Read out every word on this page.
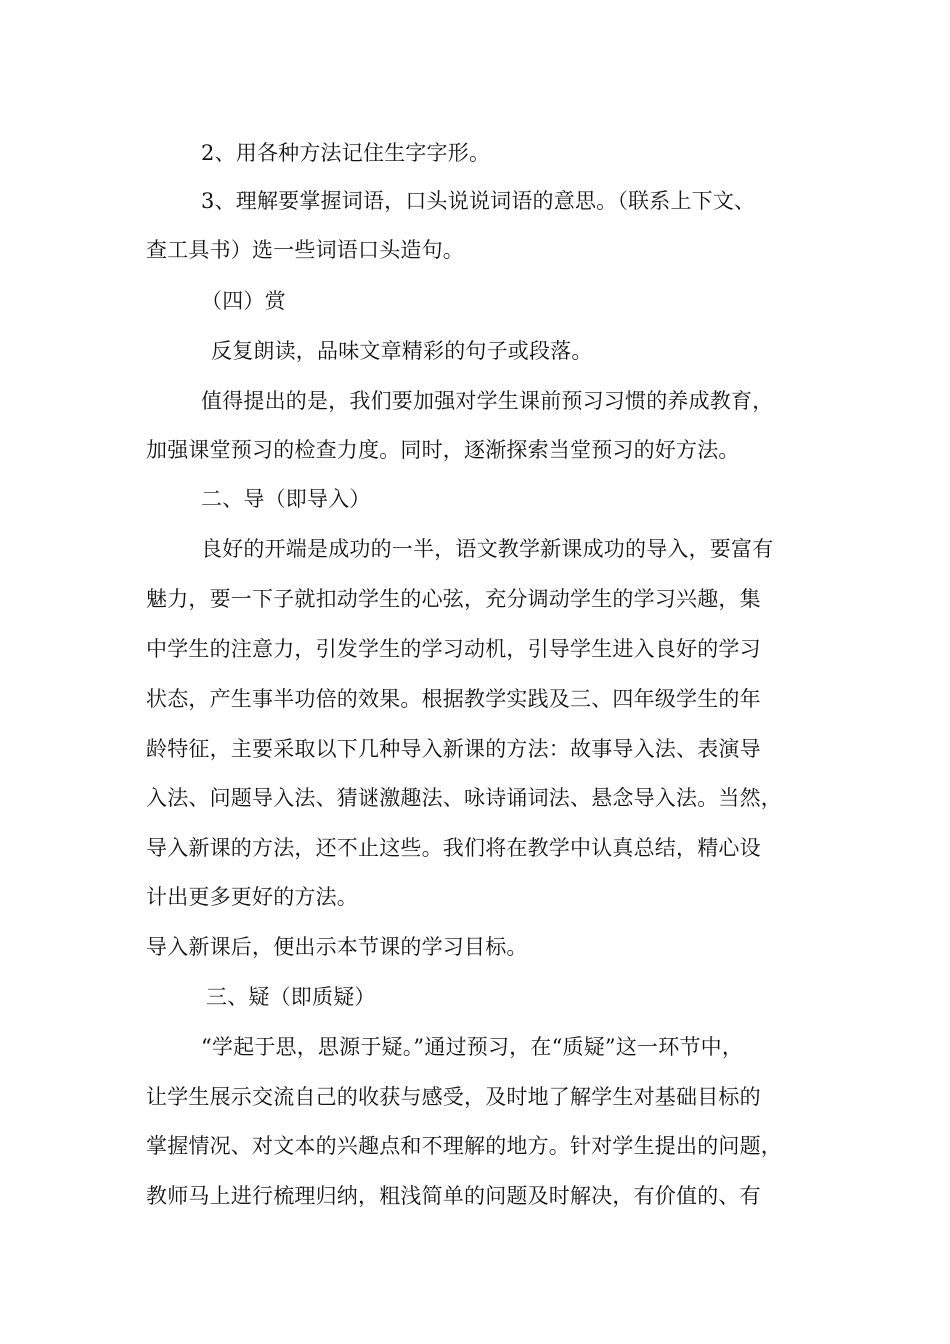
2、用各种方法记住生字字形。

3、理解要掌握词语，口头说说词语的意思。（联系上下文、

查工具书）选一些词语口头造句。

（四）赏

反复朗读，品味文章精彩的句子或段落。

值得提出的是，我们要加强对学生课前预习习惯的养成教育，

加强课堂预习的检查力度。同时，逐渐探索当堂预习的好方法。

二、导（即导入）

良好的开端是成功的一半，语文教学新课成功的导入，要富有

魅力，要一下子就扣动学生的心弦，充分调动学生的学习兴趣，集

中学生的注意力，引发学生的学习动机，引导学生进入良好的学习

状态，产生事半功倍的效果。根据教学实践及三、四年级学生的年

龄特征，主要采取以下几种导入新课的方法：故事导入法、表演导

入法、问题导入法、猜谜激趣法、咏诗诵词法、悬念导入法。当然，

导入新课的方法，还不止这些。我们将在教学中认真总结，精心设

计出更多更好的方法。

导入新课后，便出示本节课的学习目标。

三、疑（即质疑）

“学起于思，思源于疑。”通过预习，在“质疑”这一环节中，

让学生展示交流自己的收获与感受，及时地了解学生对基础目标的

掌握情况、对文本的兴趣点和不理解的地方。针对学生提出的问题，

教师马上进行梳理归纳，粗浅简单的问题及时解决，有价值的、有
